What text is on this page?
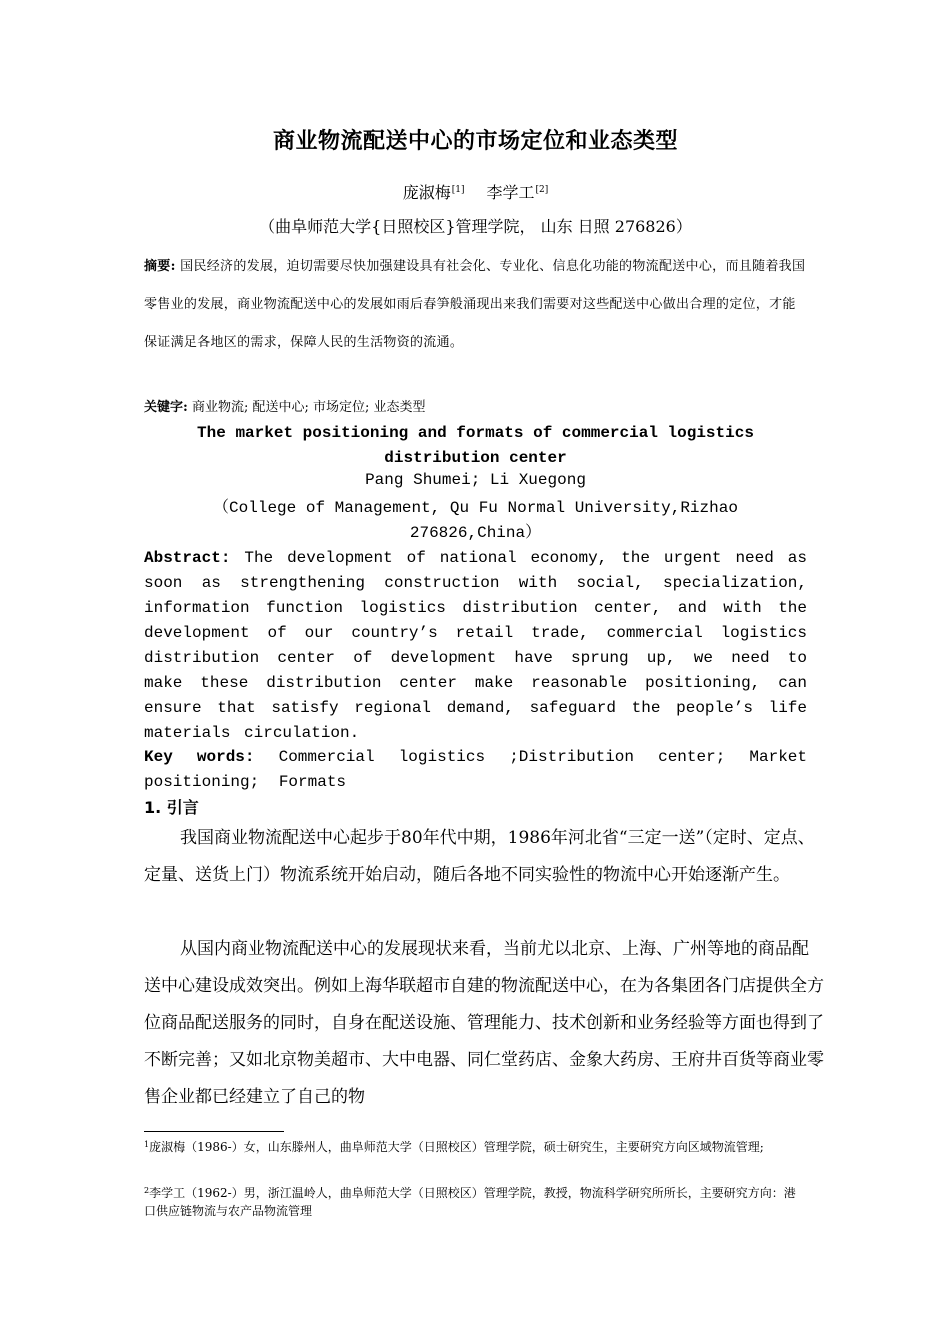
商业物流配送中心的市场定位和业态类型
庞淑梅[1] 李学工[2]
（曲阜师范大学{日照校区}管理学院， 山东 日照 276826）
摘要: 国民经济的发展，迫切需要尽快加强建设具有社会化、专业化、信息化功能的物流配送中心，而且随着我国零售业的发展，商业物流配送中心的发展如雨后春笋般涌现出来我们需要对这些配送中心做出合理的定位，才能保证满足各地区的需求，保障人民的生活物资的流通。
关键字: 商业物流; 配送中心; 市场定位; 业态类型
The market positioning and formats of commercial logistics
distribution center
Pang Shumei; Li Xuegong
（College of Management, Qu Fu Normal University,Rizhao
276826,China）
Abstract: The development of national economy, the urgent need as soon as strengthening construction with social, specialization, information function logistics distribution center, and with the development of our country’s retail trade, commercial logistics distribution center of development have sprung up, we need to make these distribution center make reasonable positioning, can ensure that satisfy regional demand, safeguard the people’s life materials circulation.
Key words: Commercial logistics ;Distribution center; Market positioning; Formats
1. 引言
我国商业物流配送中心起步于80年代中期，1986年河北省“三定一送”（定时、定点、定量、送货上门）物流系统开始启动，随后各地不同实验性的物流中心开始逐渐产生。
从国内商业物流配送中心的发展现状来看，当前尤以北京、上海、广州等地的商品配送中心建设成效突出。例如上海华联超市自建的物流配送中心，在为各集团各门店提供全方位商品配送服务的同时，自身在配送设施、管理能力、技术创新和业务经验等方面也得到了不断完善；又如北京物美超市、大中电器、同仁堂药店、金象大药房、王府井百货等商业零售企业都已经建立了自己的物
$^1$庞淑梅（1986-）女，山东滕州人，曲阜师范大学（日照校区）管理学院，硕士研究生，主要研究方向区域物流管理;
$^2$李学工（1962-）男，浙江温岭人，曲阜师范大学（日照校区）管理学院，教授，物流科学研究所所长，主要研究方向：港口供应链物流与农产品物流管理
